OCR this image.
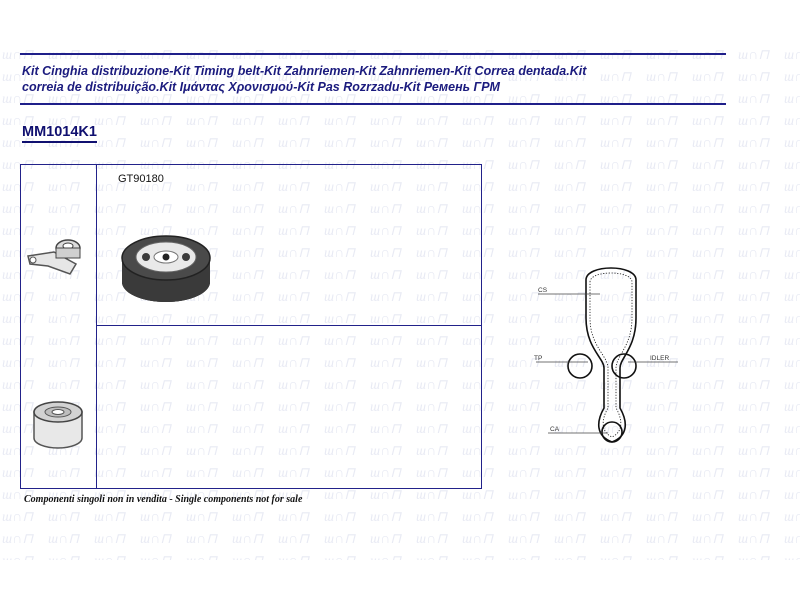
Kit Cinghia distribuzione-Kit Timing belt-Kit Zahnriemen-Kit Zahnriemen-Kit Correa dentada.Kit
correia de distribuição.Kit Ιμάντας Χρονισμού-Kit Pas Rozrzadu-Kit Ремень ГРМ
MM1014K1
GT90180
Componenti singoli non in vendita - Single components not for sale
CS
TP	IDLER
CA
